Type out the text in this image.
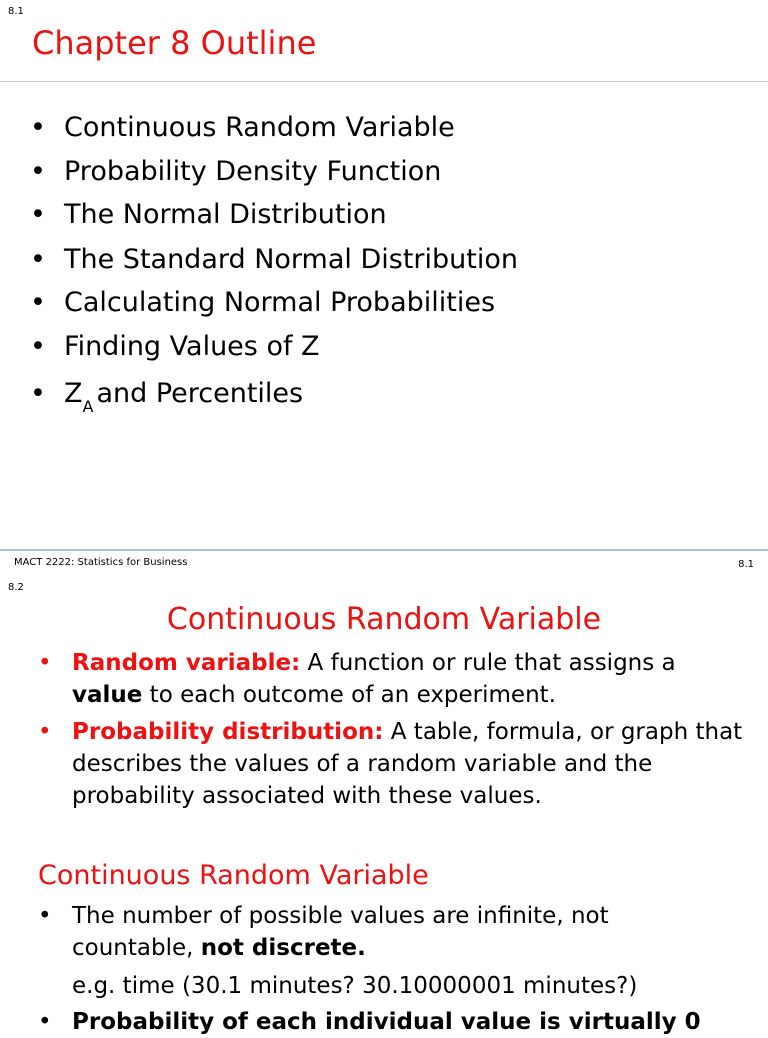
8.1
Chapter 8 Outline
• Continuous Random Variable
• Probability Density Function
• The Normal Distribution
• The Standard Normal Distribution
• Calculating Normal Probabilities
• Finding Values of Z
• $Z_A$ and Percentiles
MACT 2222: Statistics for Business	8.1
8.2
Continuous Random Variable
• Random variable: A function or rule that assigns a
value to each outcome of an experiment.
• Probability distribution: A table, formula, or graph that
describes the values of a random variable and the
probability associated with these values.
Continuous Random Variable
• The number of possible values are infinite, not
countable, not discrete.
e.g. time (30.1 minutes? 30.10000001 minutes?)
• Probability of each individual value is virtually 0
